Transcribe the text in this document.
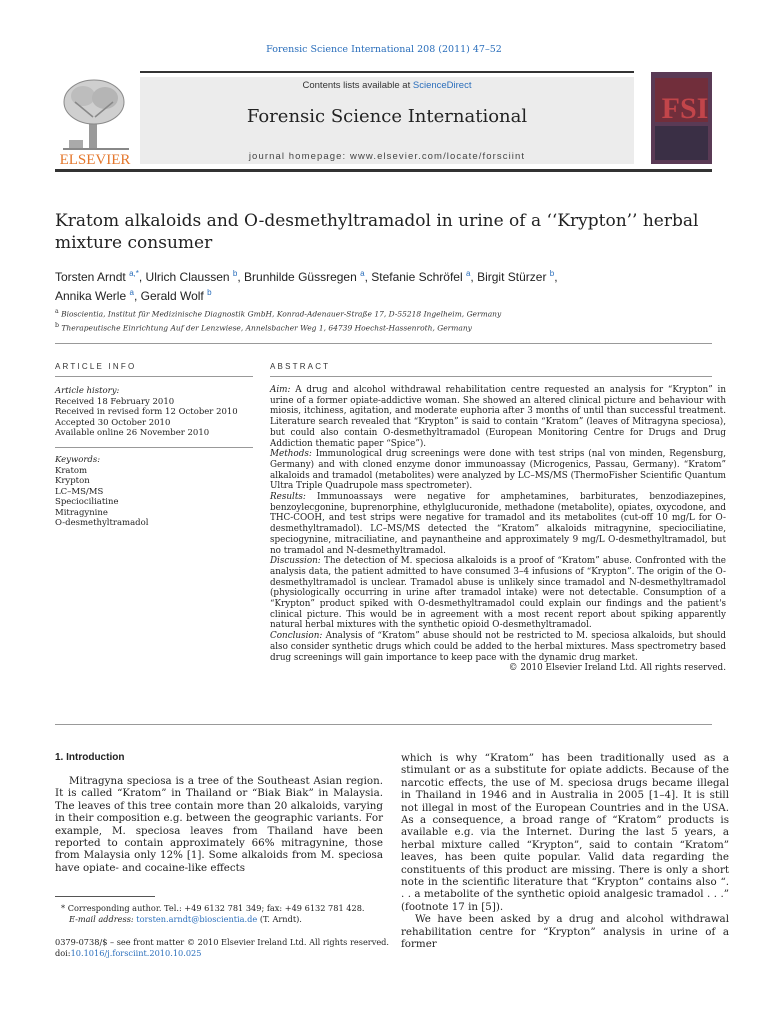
Forensic Science International 208 (2011) 47–52
Contents lists available at ScienceDirect
Forensic Science International
journal homepage: www.elsevier.com/locate/forsciint
ELSEVIER
FSI
Kratom alkaloids and O-desmethyltramadol in urine of a ‘‘Krypton’’ herbal mixture consumer
Torsten Arndt $^{a,*}$, Ulrich Claussen $^b$, Brunhilde Güssregen $^a$, Stefanie Schröfel $^a$, Birgit Stürzer $^b$,
Annika Werle $^a$, Gerald Wolf $^b$
$^a$ Bioscientia, Institut für Medizinische Diagnostik GmbH, Konrad-Adenauer-Straße 17, D-55218 Ingelheim, Germany
$^b$ Therapeutische Einrichtung Auf der Lenzwiese, Annelsbacher Weg 1, 64739 Hoechst-Hassenroth, Germany
ARTICLE INFO
Article history:
Received 18 February 2010
Received in revised form 12 October 2010
Accepted 30 October 2010
Available online 26 November 2010
Keywords:
Kratom
Krypton
LC–MS/MS
Speciociliatine
Mitragynine
O-desmethyltramadol
ABSTRACT

Aim: A drug and alcohol withdrawal rehabilitation centre requested an analysis for “Krypton” in urine of a former opiate-addictive woman. She showed an altered clinical picture and behaviour with miosis, itchiness, agitation, and moderate euphoria after 3 months of until than successful treatment. Literature search revealed that “Krypton” is said to contain “Kratom” (leaves of Mitragyna speciosa), but could also contain O-desmethyltramadol (European Monitoring Centre for Drugs and Drug Addiction thematic paper “Spice”).

Methods: Immunological drug screenings were done with test strips (nal von minden, Regensburg, Germany) and with cloned enzyme donor immunoassay (Microgenics, Passau, Germany). “Kratom” alkaloids and tramadol (metabolites) were analyzed by LC–MS/MS (ThermoFisher Scientific Quantum Ultra Triple Quadrupole mass spectrometer).

Results: Immunoassays were negative for amphetamines, barbiturates, benzodiazepines, benzoylecgonine, buprenorphine, ethylglucuronide, methadone (metabolite), opiates, oxycodone, and THC-COOH, and test strips were negative for tramadol and its metabolites (cut-off 10 mg/L for O-desmethyltramadol). LC–MS/MS detected the “Kratom” alkaloids mitragynine, speciociliatine, speciogynine, mitraciliatine, and paynantheine and approximately 9 mg/L O-desmethyltramadol, but no tramadol and N-desmethyltramadol.

Discussion: The detection of M. speciosa alkaloids is a proof of “Kratom” abuse. Confronted with the analysis data, the patient admitted to have consumed 3–4 infusions of “Krypton”. The origin of the O-desmethyltramadol is unclear. Tramadol abuse is unlikely since tramadol and N-desmethyltramadol (physiologically occurring in urine after tramadol intake) were not detectable. Consumption of a “Krypton” product spiked with O-desmethyltramadol could explain our findings and the patient's clinical picture. This would be in agreement with a most recent report about spiking apparently natural herbal mixtures with the synthetic opioid O-desmethyltramadol.

Conclusion: Analysis of “Kratom” abuse should not be restricted to M. speciosa alkaloids, but should also consider synthetic drugs which could be added to the herbal mixtures. Mass spectrometry based drug screenings will gain importance to keep pace with the dynamic drug market.

© 2010 Elsevier Ireland Ltd. All rights reserved.

1. Introduction

Mitragyna speciosa is a tree of the Southeast Asian region. It is called “Kratom” in Thailand or “Biak Biak” in Malaysia. The leaves of this tree contain more than 20 alkaloids, varying in their composition e.g. between the geographic variants. For example, M. speciosa leaves from Thailand have been reported to contain approximately 66% mitragynine, those from Malaysia only 12% [1]. Some alkaloids from M. speciosa have opiate- and cocaine-like effects

which is why “Kratom” has been traditionally used as a stimulant or as a substitute for opiate addicts. Because of the narcotic effects, the use of M. speciosa drugs became illegal in Thailand in 1946 and in Australia in 2005 [1–4]. It is still not illegal in most of the European Countries and in the USA. As a consequence, a broad range of “Kratom” products is available e.g. via the Internet. During the last 5 years, a herbal mixture called “Krypton”, said to contain “Kratom” leaves, has been quite popular. Valid data regarding the constituents of this product are missing. There is only a short note in the scientific literature that “Krypton” contains also “. . . a metabolite of the synthetic opioid analgesic tramadol . . .” (footnote 17 in [5]).

We have been asked by a drug and alcohol withdrawal rehabilitation centre for “Krypton” analysis in urine of a former

* Corresponding author. Tel.: +49 6132 781 349; fax: +49 6132 781 428.
E-mail address: torsten.arndt@bioscientia.de (T. Arndt).
0379-0738/$ – see front matter © 2010 Elsevier Ireland Ltd. All rights reserved.
doi:10.1016/j.forsciint.2010.10.025
